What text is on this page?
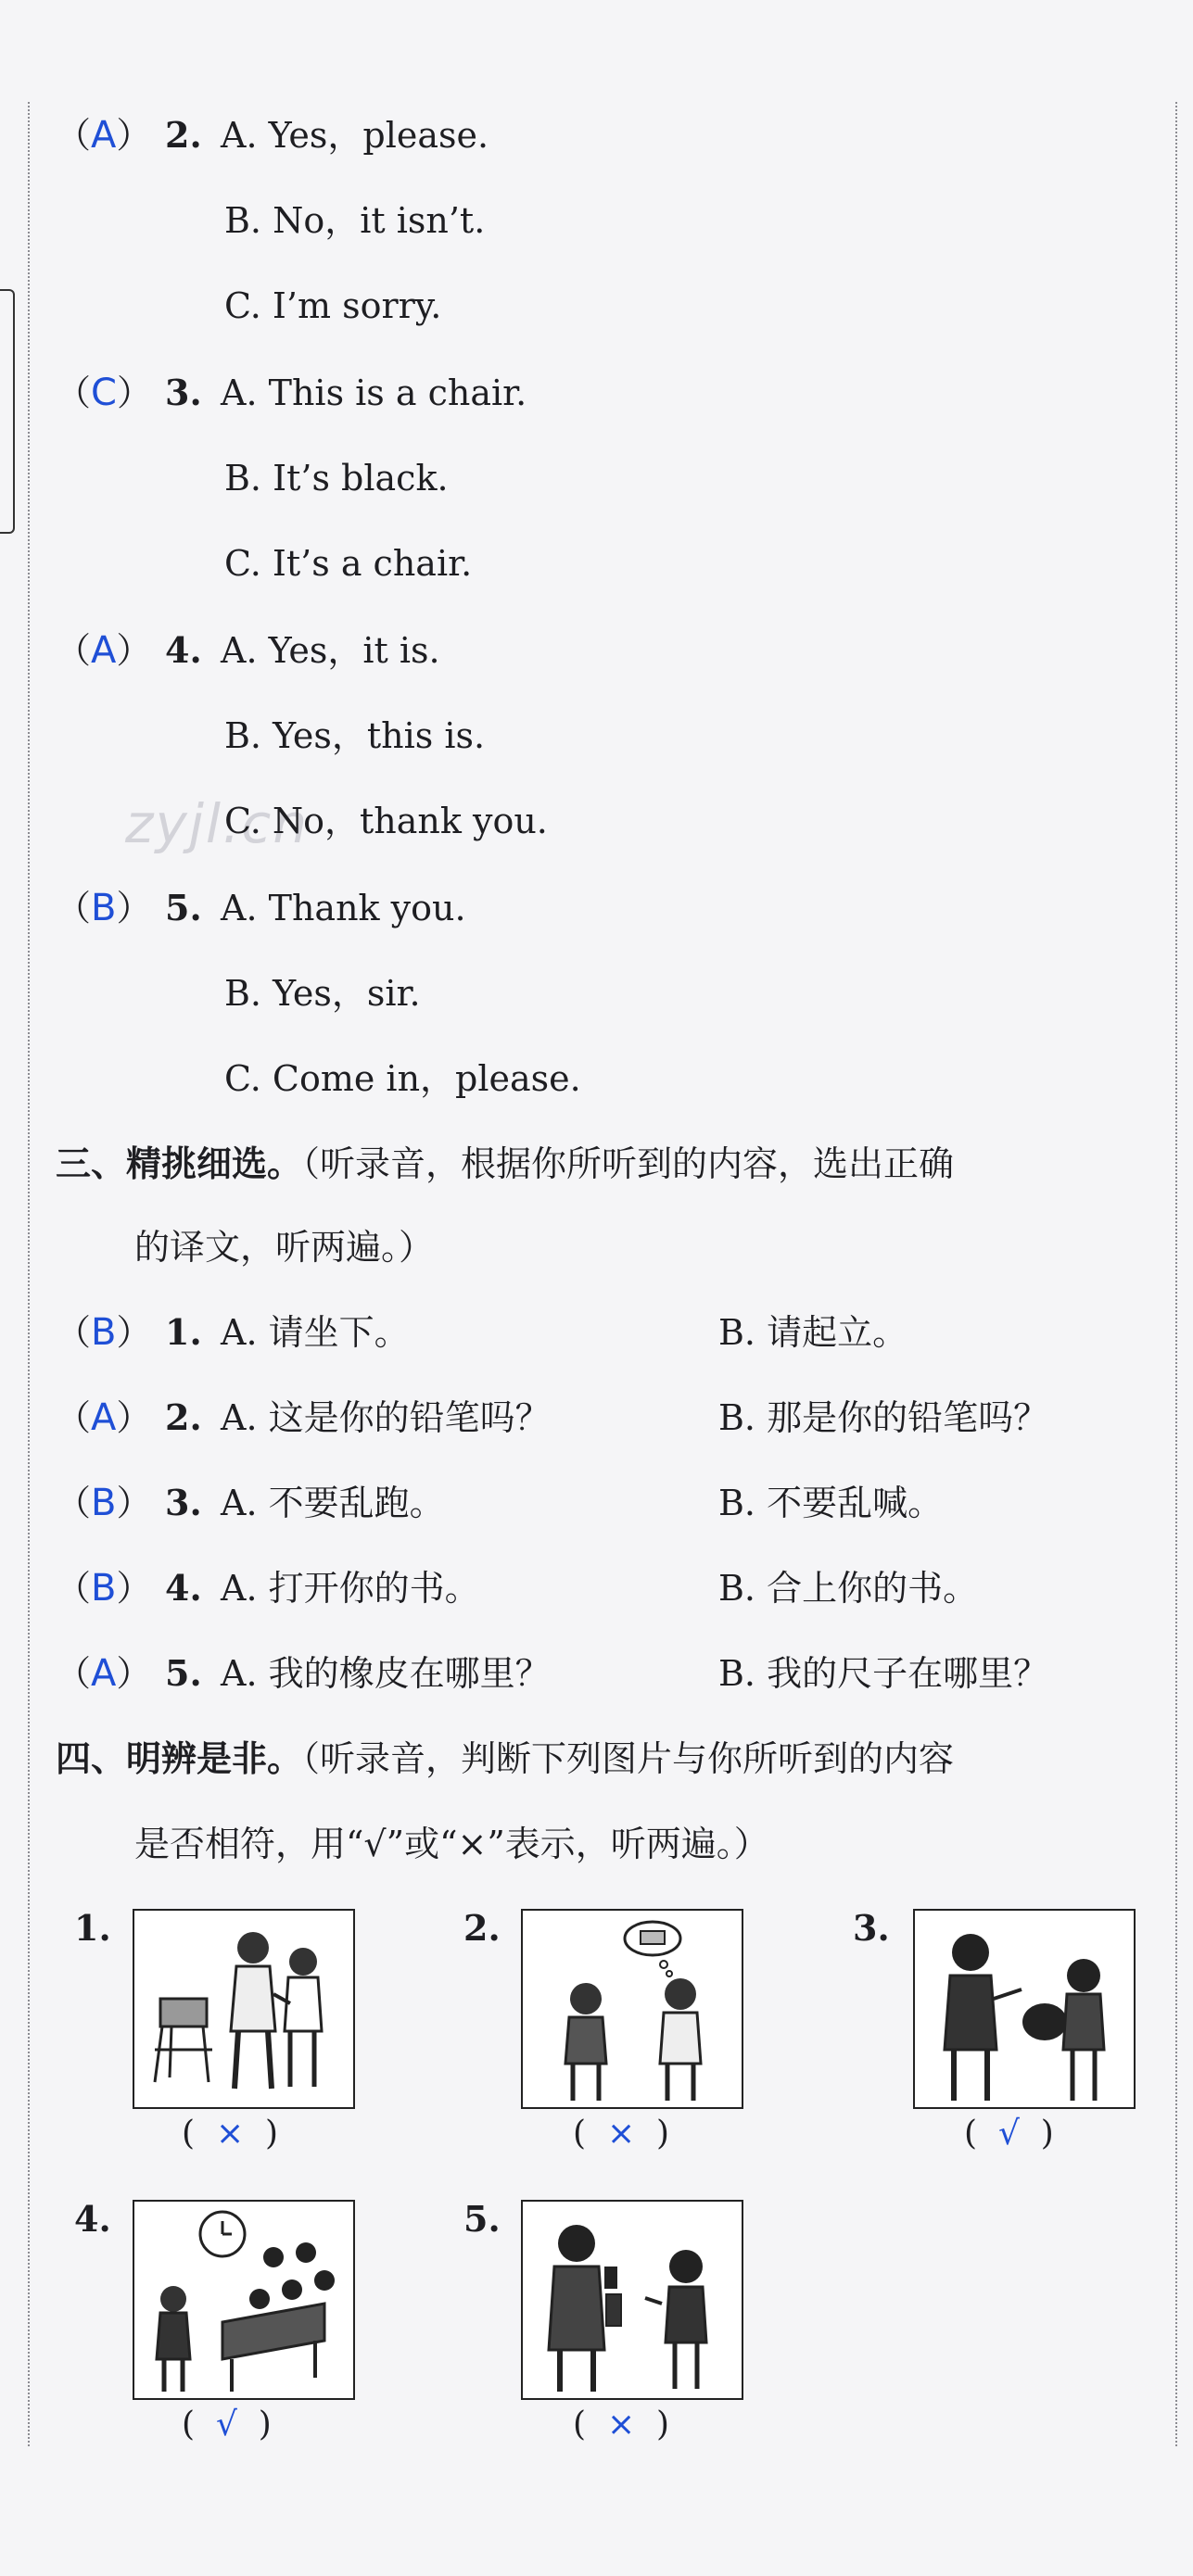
zyjl.cn
（A） 2. A. Yes，please.
B. No，it isn’t.
C. I’m sorry.
（C） 3. A. This is a chair.
B. It’s black.
C. It’s a chair.
（A） 4. A. Yes，it is.
B. Yes，this is.
C. No，thank you.
（B） 5. A. Thank you.
B. Yes，sir.
C. Come in，please.
三、精挑细选。（听录音，根据你所听到的内容，选出正确
的译文，听两遍。）
（B） 1. A. 请坐下。	B. 请起立。
（A） 2. A. 这是你的铅笔吗？	B. 那是你的铅笔吗？
（B） 3. A. 不要乱跑。	B. 不要乱喊。
（B） 4. A. 打开你的书。	B. 合上你的书。
（A） 5. A. 我的橡皮在哪里？	B. 我的尺子在哪里？
四、明辨是非。（听录音，判断下列图片与你所听到的内容
是否相符，用“√”或“×”表示，听两遍。）
1.
(  ×  )
2.
(  ×  )
3.
(  √  )
4.
(  √  )
5.
(  ×  )
